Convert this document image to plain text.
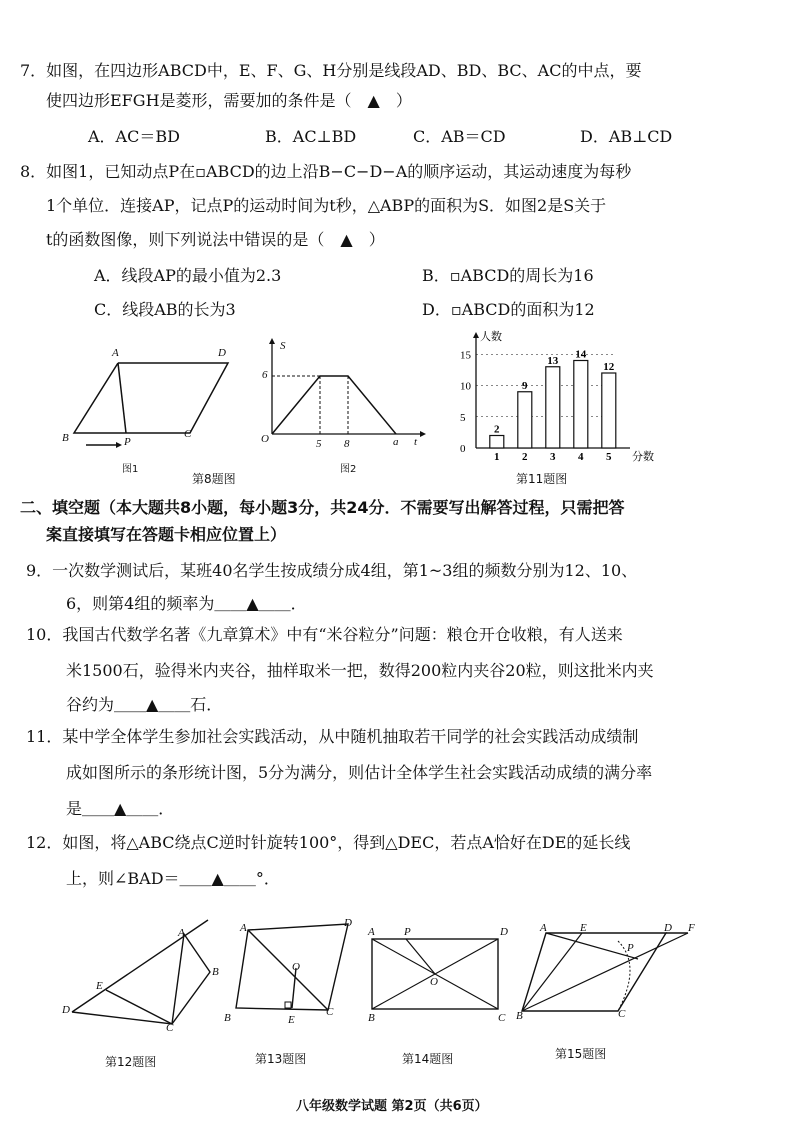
7．如图，在四边形ABCD中，E、F、G、H分别是线段AD、BD、BC、AC的中点，要
使四边形EFGH是菱形，需要加的条件是（　▲　）
A．AC＝BD	B．AC⊥BD	C．AB＝CD	D．AB⊥CD
8．如图1，已知动点P在▫ABCD的边上沿B−C−D−A的顺序运动，其运动速度为每秒
1个单位．连接AP，记点P的运动时间为t秒，△ABP的面积为S．如图2是S关于
t的函数图像，则下列说法中错误的是（　▲　）
A．线段AP的最小值为2.3	B．▫ABCD的周长为16
C．线段AB的长为3	D．▫ABCD的面积为12
A	D
B	P
C
图1
S
6
O	5 8	a t
图2
第8题图
人数
分数
0
5
10
15
2
1
9
2
13
3
14
4
12
5
第11题图
二、填空题（本大题共8小题，每小题3分，共24分．不需要写出解答过程，只需把答
案直接填写在答题卡相应位置上）
9．一次数学测试后，某班40名学生按成绩分成4组，第1~3组的频数分别为12、10、
6，则第4组的频率为＿＿▲＿＿．
10．我国古代数学名著《九章算术》中有“米谷粒分”问题：粮仓开仓收粮，有人送来
米1500石，验得米内夹谷，抽样取米一把，数得200粒内夹谷20粒，则这批米内夹
谷约为＿＿▲＿＿石．
11．某中学全体学生参加社会实践活动，从中随机抽取若干同学的社会实践活动成绩制
成如图所示的条形统计图，5分为满分，则估计全体学生社会实践活动成绩的满分率
是＿＿▲＿＿．
12．如图，将△ABC绕点C逆时针旋转100°，得到△DEC，若点A恰好在DE的延长线
上，则∠BAD＝＿＿▲＿＿°．
A
B
C
D
E
第12题图
A	D
O
B	E
C
第13题图
A	P	D
O
B	C
第14题图
A	E	D F
P
B	C
第15题图
八年级数学试题 第2页（共6页）
